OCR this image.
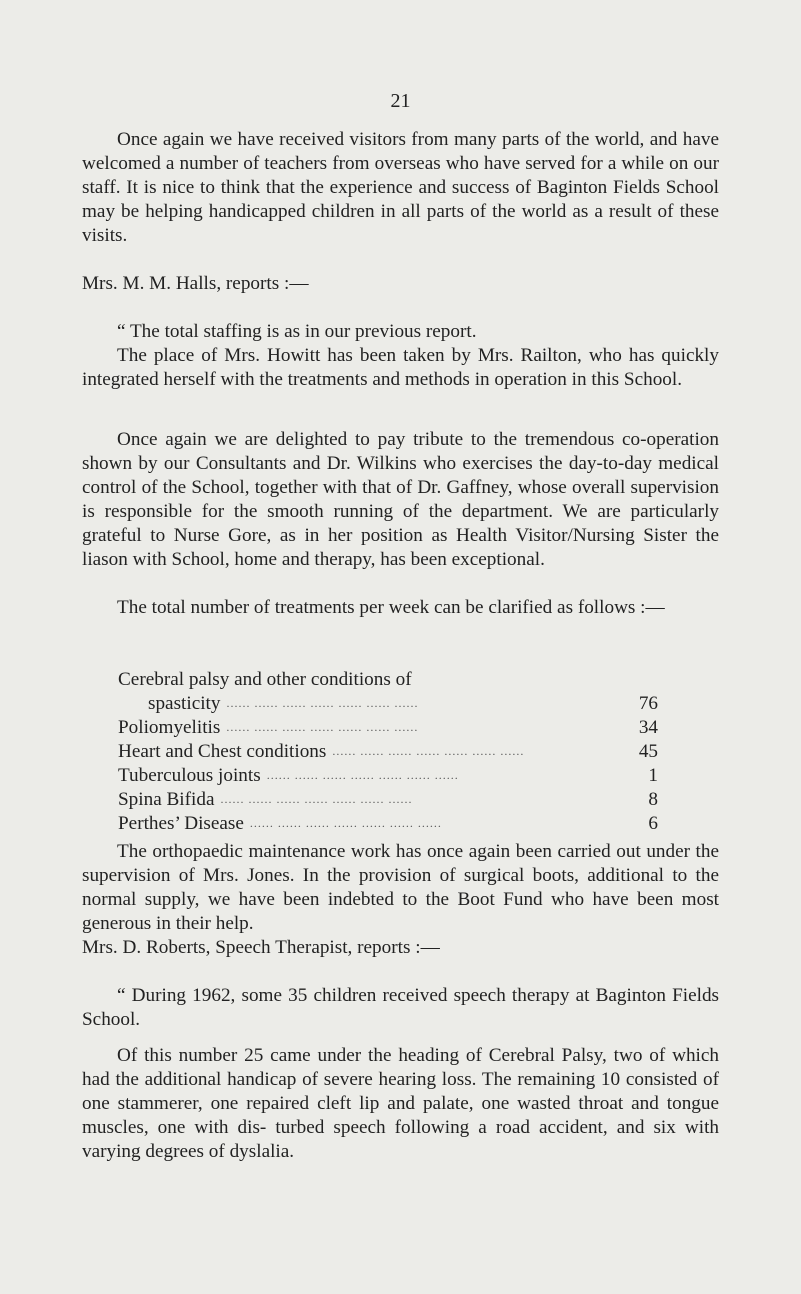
21

Once again we have received visitors from many parts of the world, and have welcomed a number of teachers from overseas who have served for a while on our staff. It is nice to think that the experience and success of Baginton Fields School may be helping handicapped children in all parts of the world as a result of these visits.

Mrs. M. M. Halls, reports :—

“ The total staffing is as in our previous report.

The place of Mrs. Howitt has been taken by Mrs. Railton, who has quickly integrated herself with the treatments and methods in operation in this School.

Once again we are delighted to pay tribute to the tremendous co-operation shown by our Consultants and Dr. Wilkins who exercises the day-to-day medical control of the School, together with that of Dr. Gaffney, whose overall supervision is responsible for the smooth running of the department. We are particularly grateful to Nurse Gore, as in her position as Health Visitor/Nursing Sister the liason with School, home and therapy, has been exceptional.

The total number of treatments per week can be clarified as follows :—

Cerebral palsy and other conditions of
spasticity ...... ...... ...... ...... ...... ...... ......	76
Poliomyelitis ...... ...... ...... ...... ...... ...... ......	34
Heart and Chest conditions ...... ...... ...... ...... ...... ...... ......	45
Tuberculous joints ...... ...... ...... ...... ...... ...... ......	1
Spina Bifida ...... ...... ...... ...... ...... ...... ......	8
Perthes’ Disease ...... ...... ...... ...... ...... ...... ......	6

The orthopaedic maintenance work has once again been carried out under the supervision of Mrs. Jones. In the provision of surgical boots, additional to the normal supply, we have been indebted to the Boot Fund who have been most generous in their help.

Mrs. D. Roberts, Speech Therapist, reports :—

“ During 1962, some 35 children received speech therapy at Baginton Fields School.

Of this number 25 came under the heading of Cerebral Palsy, two of which had the additional handicap of severe hearing loss. The remaining 10 consisted of one stammerer, one repaired cleft lip and palate, one wasted throat and tongue muscles, one with dis- turbed speech following a road accident, and six with varying degrees of dyslalia.
